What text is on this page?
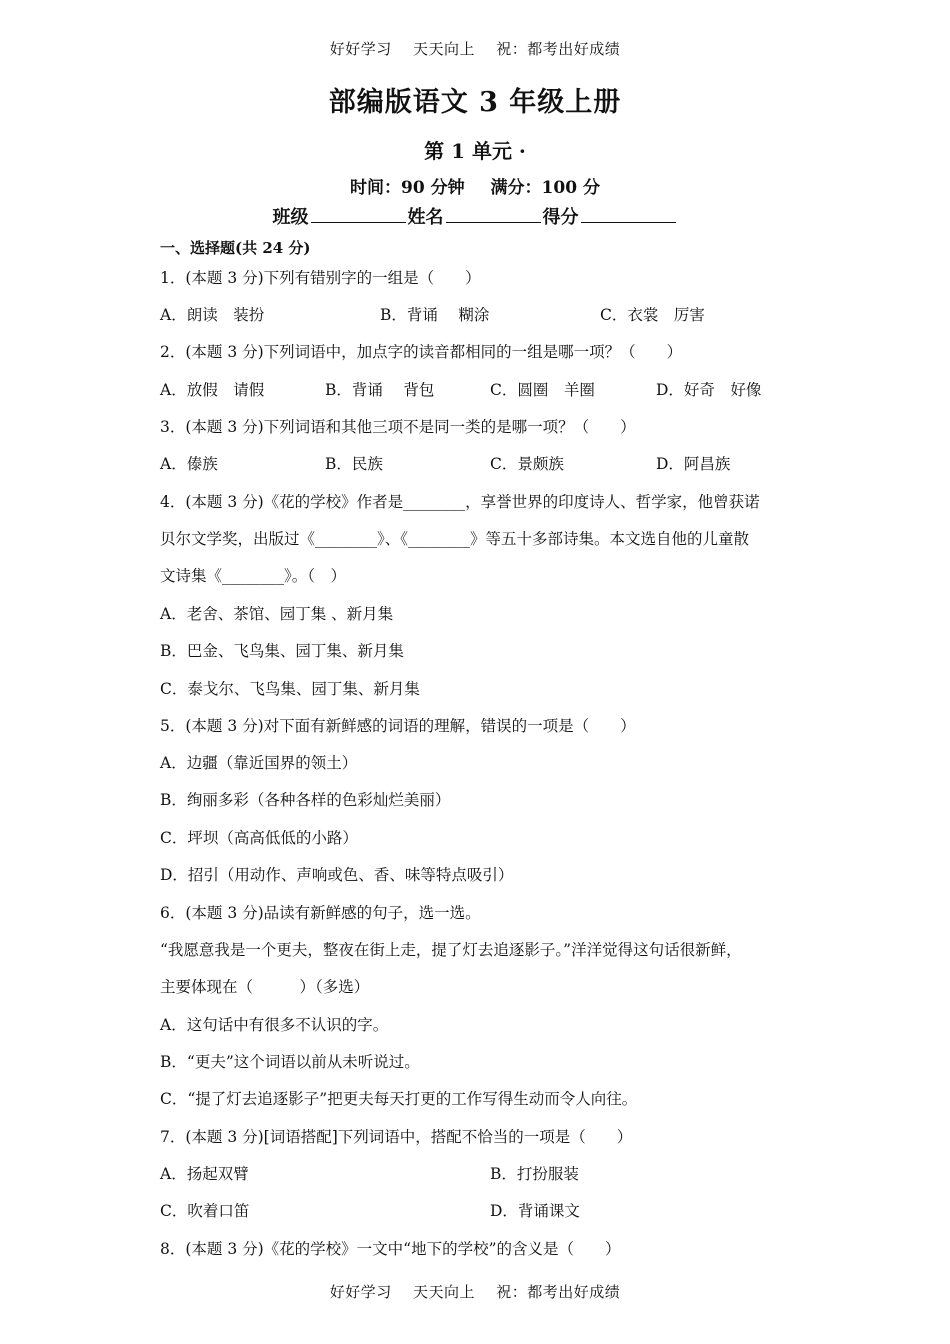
好好学习 天天向上 祝：都考出好成绩
部编版语文 3 年级上册
第 1 单元 ·
时间：90 分钟 满分：100 分
班级	姓名	得分
一、选择题(共 24 分)
1．(本题 3 分)下列有错别字的一组是（　　）
A．朗读　装扮	B．背诵　 糊涂	C．衣裳　厉害
2．(本题 3 分)下列词语中，加点字的读音都相同的一组是哪一项？（　　）
A．放假　请假	B．背诵　 背包	C．圆圈　羊圈	D．好奇　好像
3．(本题 3 分)下列词语和其他三项不是同一类的是哪一项？（　　）
A．傣族	B．民族	C．景颇族	D．阿昌族
4．(本题 3 分)《花的学校》作者是________，享誉世界的印度诗人、哲学家，他曾获诺
贝尔文学奖，出版过《________》、《________》等五十多部诗集。本文选自他的儿童散
文诗集《________》。（　）
A．老舍、茶馆、园丁集 、新月集
B．巴金、飞鸟集、园丁集、新月集
C．泰戈尔、飞鸟集、园丁集、新月集
5．(本题 3 分)对下面有新鲜感的词语的理解，错误的一项是（　　）
A．边疆（靠近国界的领土）
B．绚丽多彩（各种各样的色彩灿烂美丽）
C．坪坝（高高低低的小路）
D．招引（用动作、声响或色、香、味等特点吸引）
6．(本题 3 分)品读有新鲜感的句子，选一选。
“我愿意我是一个更夫，整夜在街上走，提了灯去追逐影子。”洋洋觉得这句话很新鲜，
主要体现在（　　　）（多选）
A．这句话中有很多不认识的字。
B．“更夫”这个词语以前从未听说过。
C．“提了灯去追逐影子”把更夫每天打更的工作写得生动而令人向往。
7．(本题 3 分)[词语搭配]下列词语中，搭配不恰当的一项是（　　）
A．扬起双臂	B．打扮服装
C．吹着口笛	D．背诵课文
8．(本题 3 分)《花的学校》一文中“地下的学校”的含义是（　　）
好好学习 天天向上 祝：都考出好成绩
